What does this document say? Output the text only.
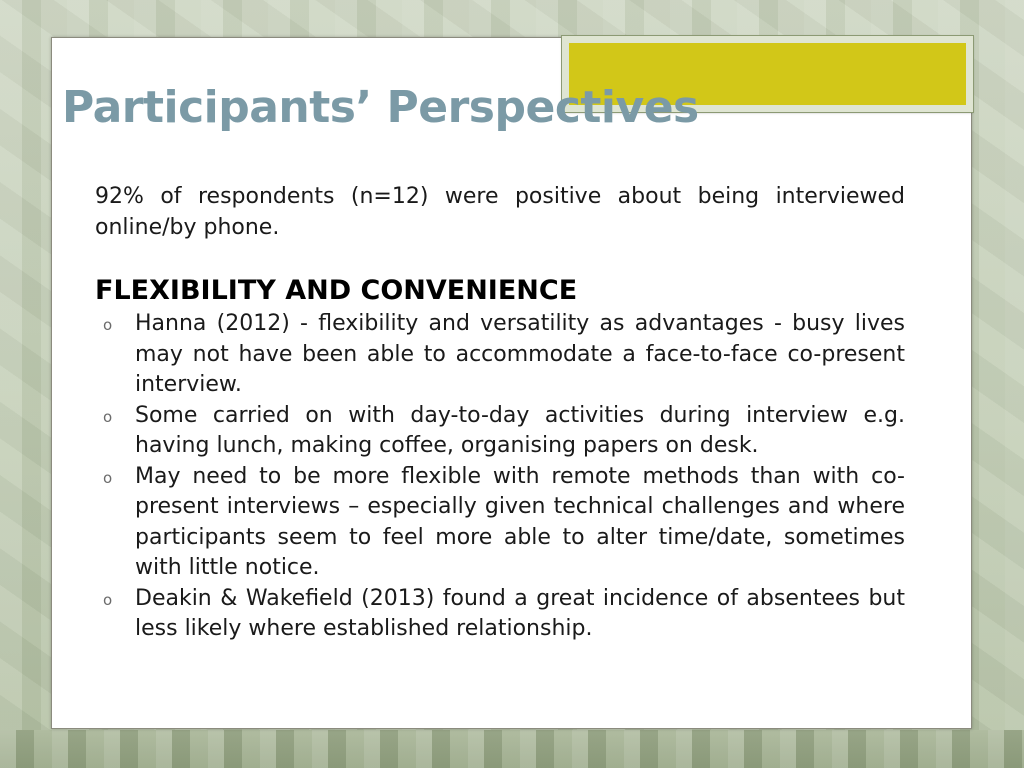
Participants’ Perspectives

92% of respondents (n=12) were positive about being interviewed online/by phone.

FLEXIBILITY AND CONVENIENCE
o Hanna (2012) - flexibility and versatility as advantages - busy lives may not have been able to accommodate a face-to-face co-present interview.
o Some carried on with day-to-day activities during interview e.g. having lunch, making coffee, organising papers on desk.
o May need to be more flexible with remote methods than with co-present interviews – especially given technical challenges and where participants seem to feel more able to alter time/date, sometimes with little notice.
o Deakin & Wakefield (2013) found a great incidence of absentees but less likely where established relationship.
